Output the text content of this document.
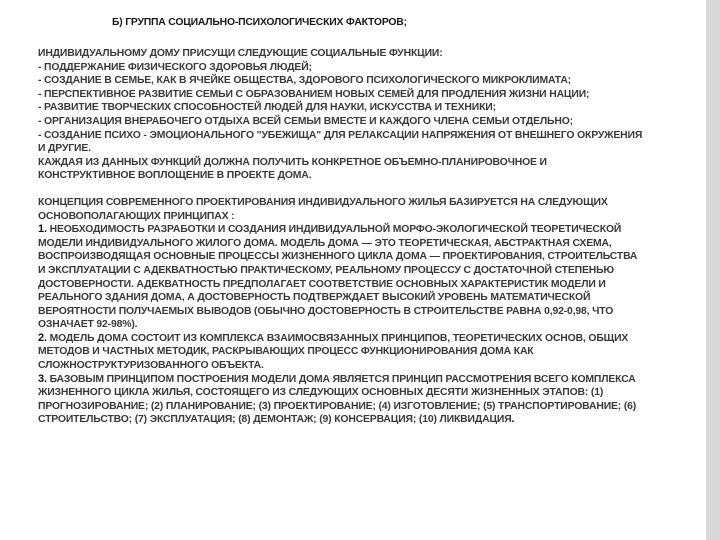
Б) ГРУППА СОЦИАЛЬНО-ПСИХОЛОГИЧЕСКИХ ФАКТОРОВ;

ИНДИВИДУАЛЬНОМУ ДОМУ ПРИСУЩИ СЛЕДУЮЩИЕ СОЦИАЛЬНЫЕ ФУНКЦИИ:

- ПОДДЕРЖАНИЕ ФИЗИЧЕСКОГО ЗДОРОВЬЯ ЛЮДЕЙ;

- СОЗДАНИЕ В СЕМЬЕ, КАК В ЯЧЕЙКЕ ОБЩЕСТВА, ЗДОРОВОГО ПСИХОЛОГИЧЕСКОГО МИКРОКЛИМАТА;

- ПЕРСПЕКТИВНОЕ РАЗВИТИЕ СЕМЬИ С ОБРАЗОВАНИЕМ НОВЫХ СЕМЕЙ ДЛЯ ПРОДЛЕНИЯ ЖИЗНИ НАЦИИ;

- РАЗВИТИЕ ТВОРЧЕСКИХ СПОСОБНОСТЕЙ ЛЮДЕЙ ДЛЯ НАУКИ, ИСКУССТВА И ТЕХНИКИ;

- ОРГАНИЗАЦИЯ ВНЕРАБОЧЕГО ОТДЫХА ВСЕЙ СЕМЬИ ВМЕСТЕ И КАЖДОГО ЧЛЕНА СЕМЬИ ОТДЕЛЬНО;

- СОЗДАНИЕ ПСИХО - ЭМОЦИОНАЛЬНОГО "УБЕЖИЩА" ДЛЯ РЕЛАКСАЦИИ НАПРЯЖЕНИЯ ОТ ВНЕШНЕГО ОКРУЖЕНИЯ И ДРУГИЕ.

КАЖДАЯ ИЗ ДАННЫХ ФУНКЦИЙ ДОЛЖНА ПОЛУЧИТЬ КОНКРЕТНОЕ ОБЪЕМНО-ПЛАНИРОВОЧНОЕ И КОНСТРУКТИВНОЕ ВОПЛОЩЕНИЕ В ПРОЕКТЕ ДОМА.

КОНЦЕПЦИЯ СОВРЕМЕННОГО ПРОЕКТИРОВАНИЯ ИНДИВИДУАЛЬНОГО ЖИЛЬЯ БАЗИРУЕТСЯ НА СЛЕДУЮЩИХ ОСНОВОПОЛАГАЮЩИХ ПРИНЦИПАХ :

1. НЕОБХОДИМОСТЬ РАЗРАБОТКИ И СОЗДАНИЯ ИНДИВИДУАЛЬНОЙ МОРФО-ЭКОЛОГИЧЕСКОЙ ТЕОРЕТИЧЕСКОЙ МОДЕЛИ ИНДИВИДУАЛЬНОГО ЖИЛОГО ДОМА. МОДЕЛЬ ДОМА — ЭТО ТЕОРЕТИЧЕСКАЯ, АБСТРАКТНАЯ СХЕМА, ВОСПРОИЗВОДЯЩАЯ ОСНОВНЫЕ ПРОЦЕССЫ ЖИЗНЕННОГО ЦИКЛА ДОМА — ПРОЕКТИРОВАНИЯ, СТРОИТЕЛЬСТВА И ЭКСПЛУАТАЦИИ С АДЕКВАТНОСТЬЮ ПРАКТИЧЕСКОМУ, РЕАЛЬНОМУ ПРОЦЕССУ С ДОСТАТОЧНОЙ СТЕПЕНЬЮ ДОСТОВЕРНОСТИ. АДЕКВАТНОСТЬ ПРЕДПОЛАГАЕТ СООТВЕТСТВИЕ ОСНОВНЫХ ХАРАКТЕРИСТИК МОДЕЛИ И РЕАЛЬНОГО ЗДАНИЯ ДОМА, А ДОСТОВЕРНОСТЬ ПОДТВЕРЖДАЕТ ВЫСОКИЙ УРОВЕНЬ МАТЕМАТИЧЕСКОЙ ВЕРОЯТНОСТИ ПОЛУЧАЕМЫХ ВЫВОДОВ (ОБЫЧНО ДОСТОВЕРНОСТЬ В СТРОИТЕЛЬСТВЕ РАВНА 0,92-0,98, ЧТО ОЗНАЧАЕТ 92-98%).

2. МОДЕЛЬ ДОМА СОСТОИТ ИЗ КОМПЛЕКСА ВЗАИМОСВЯЗАННЫХ ПРИНЦИПОВ, ТЕОРЕТИЧЕСКИХ ОСНОВ, ОБЩИХ МЕТОДОВ И ЧАСТНЫХ МЕТОДИК, РАСКРЫВАЮЩИХ ПРОЦЕСС ФУНКЦИОНИРОВАНИЯ ДОМА КАК СЛОЖНОСТРУКТУРИЗОВАННОГО ОБЪЕКТА.

3. БАЗОВЫМ ПРИНЦИПОМ ПОСТРОЕНИЯ МОДЕЛИ ДОМА ЯВЛЯЕТСЯ ПРИНЦИП РАССМОТРЕНИЯ ВСЕГО КОМПЛЕКСА ЖИЗНЕННОГО ЦИКЛА ЖИЛЬЯ, СОСТОЯЩЕГО ИЗ СЛЕДУЮЩИХ ОСНОВНЫХ ДЕСЯТИ ЖИЗНЕННЫХ ЭТАПОВ: (1) ПРОГНОЗИРОВАНИЕ; (2) ПЛАНИРОВАНИЕ; (3) ПРОЕКТИРОВАНИЕ; (4) ИЗГОТОВЛЕНИЕ; (5) ТРАНСПОРТИРОВАНИЕ; (6) СТРОИТЕЛЬСТВО; (7) ЭКСПЛУАТАЦИЯ; (8) ДЕМОНТАЖ; (9) КОНСЕРВАЦИЯ; (10) ЛИКВИДАЦИЯ.
